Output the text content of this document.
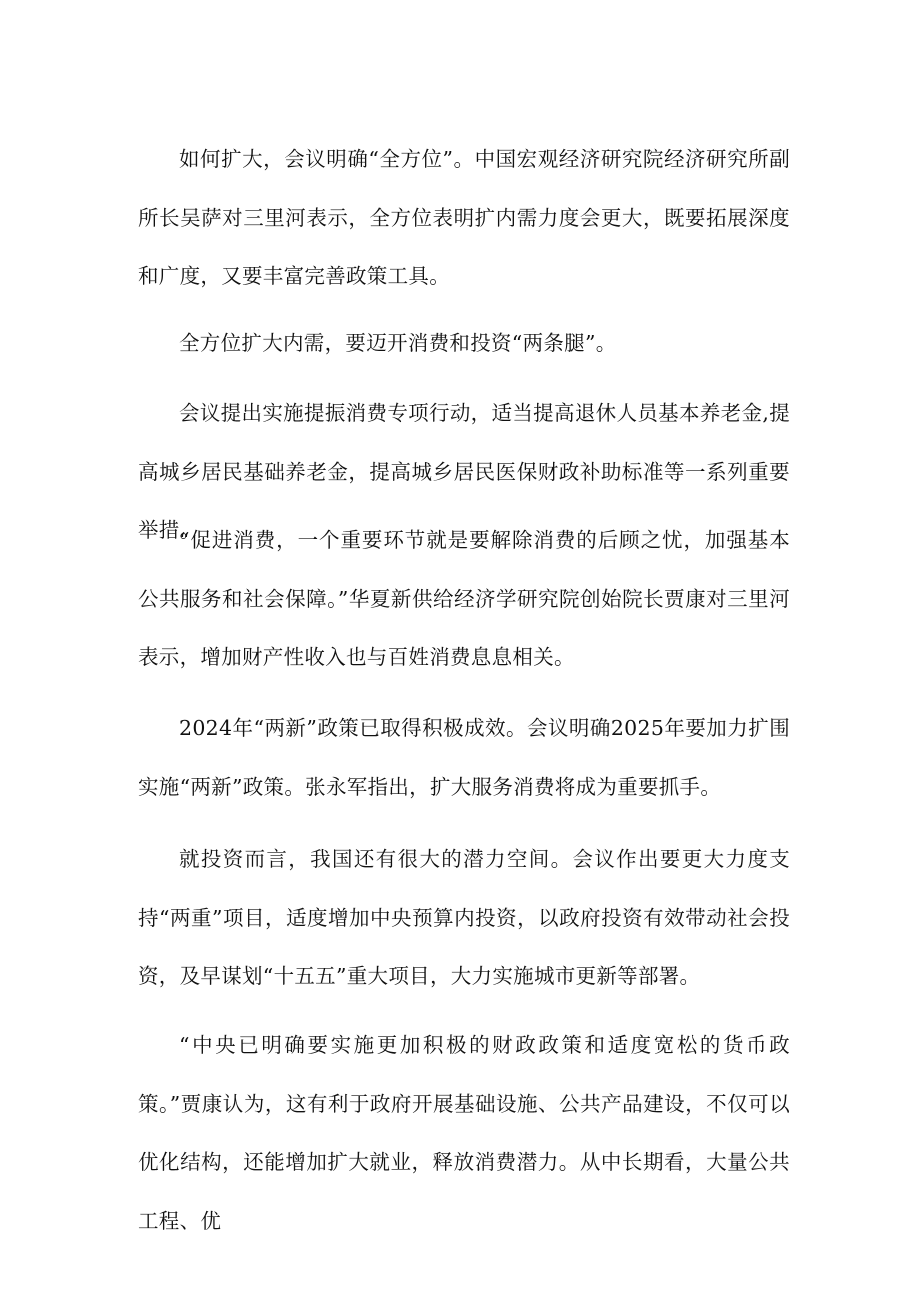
如何扩大，会议明确“全方位”。中国宏观经济研究院经济研究所副所长吴萨对三里河表示，全方位表明扩内需力度会更大，既要拓展深度和广度，又要丰富完善政策工具。

全方位扩大内需，要迈开消费和投资“两条腿”。

会议提出实施提振消费专项行动，适当提高退休人员基本养老金,提高城乡居民基础养老金，提高城乡居民医保财政补助标准等一系列重要举措。

“促进消费，一个重要环节就是要解除消费的后顾之忧，加强基本公共服务和社会保障。”华夏新供给经济学研究院创始院长贾康对三里河表示，增加财产性收入也与百姓消费息息相关。

2024年“两新”政策已取得积极成效。会议明确2025年要加力扩围实施“两新”政策。张永军指出，扩大服务消费将成为重要抓手。

就投资而言，我国还有很大的潜力空间。会议作出要更大力度支持“两重”项目，适度增加中央预算内投资，以政府投资有效带动社会投资，及早谋划“十五五”重大项目，大力实施城市更新等部署。

“中央已明确要实施更加积极的财政政策和适度宽松的货币政策。”贾康认为，这有利于政府开展基础设施、公共产品建设，不仅可以优化结构，还能增加扩大就业，释放消费潜力。从中长期看，大量公共工程、优
